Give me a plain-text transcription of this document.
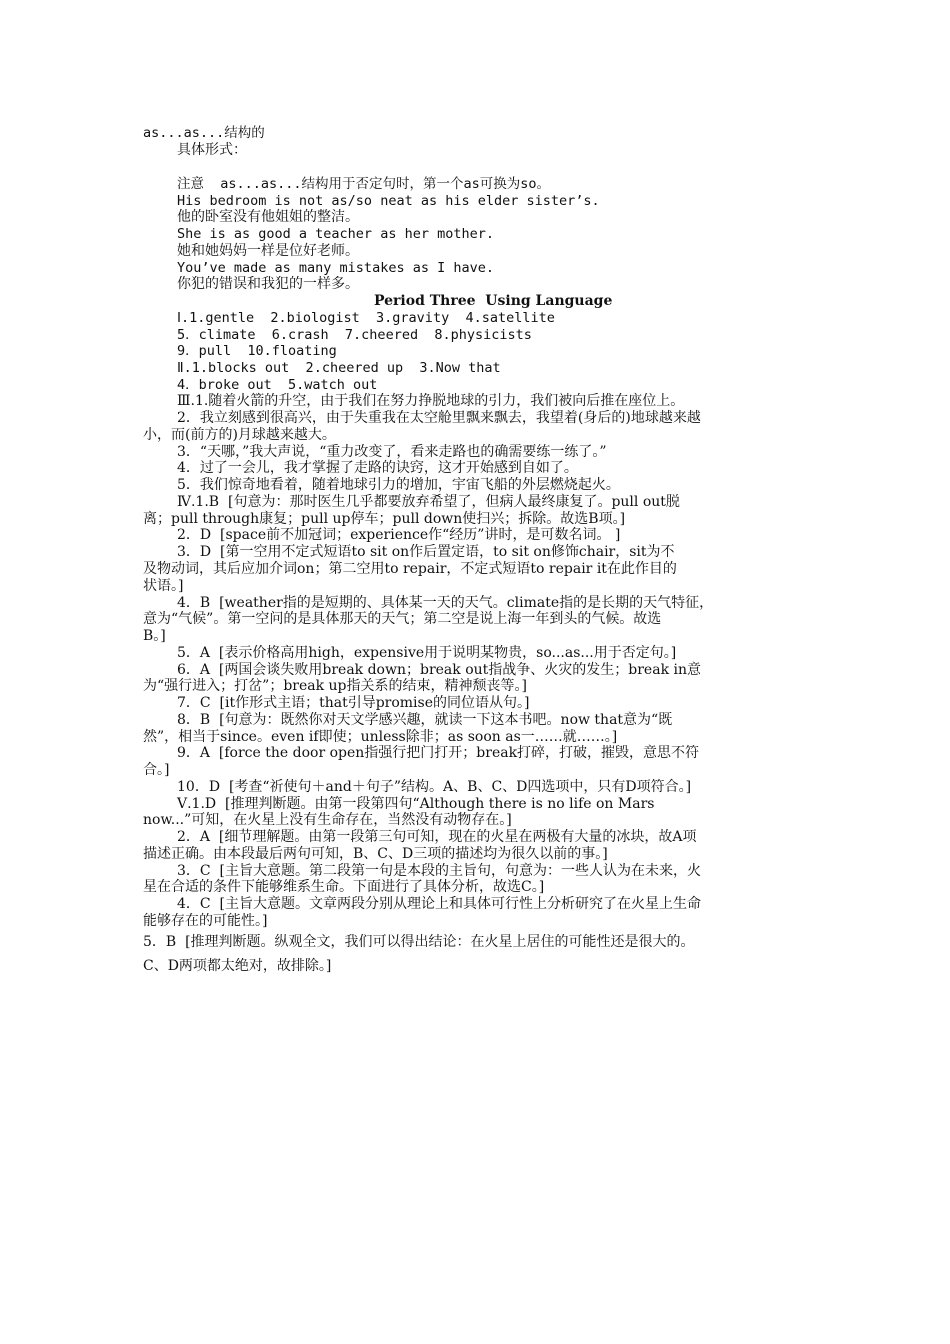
as...as...结构的
具体形式：
注意  as...as...结构用于否定句时，第一个as可换为so。
His bedroom is not as/so neat as his elder sister’s.
他的卧室没有他姐姐的整洁。
She is as good a teacher as her mother.
她和她妈妈一样是位好老师。
You’ve made as many mistakes as I have.
你犯的错误和我犯的一样多。
Period Three  Using Language
Ⅰ.1.gentle  2.biologist  3.gravity  4.satellite
5．climate  6.crash  7.cheered  8.physicists
9．pull  10.floating
Ⅱ.1.blocks out  2.cheered up  3.Now that
4．broke out  5.watch out
Ⅲ.1.随着火箭的升空，由于我们在努力挣脱地球的引力，我们被向后推在座位上。
2．我立刻感到很高兴，由于失重我在太空舱里飘来飘去，我望着(身后的)地球越来越
小，而(前方的)月球越来越大。
3．“天哪，”我大声说，“重力改变了，看来走路也的确需要练一练了。”
4．过了一会儿，我才掌握了走路的诀窍，这才开始感到自如了。
5．我们惊奇地看着，随着地球引力的增加，宇宙飞船的外层燃烧起火。
Ⅳ.1.B  [句意为：那时医生几乎都要放弃希望了，但病人最终康复了。pull out脱
离；pull through康复；pull up停车；pull down使扫兴；拆除。故选B项。]
2．D  [space前不加冠词；experience作“经历”讲时，是可数名词。 ]
3．D  [第一空用不定式短语to sit on作后置定语，to sit on修饰chair，sit为不
及物动词，其后应加介词on；第二空用to repair，不定式短语to repair it在此作目的
状语。]
4．B  [weather指的是短期的、具体某一天的天气。climate指的是长期的天气特征，
意为“气候”。第一空问的是具体那天的天气；第二空是说上海一年到头的气候。故选
B。]
5．A  [表示价格高用high，expensive用于说明某物贵，so...as...用于否定句。]
6．A  [两国会谈失败用break down；break out指战争、火灾的发生；break in意
为“强行进入；打岔”；break up指关系的结束，精神颓丧等。]
7．C  [it作形式主语；that引导promise的同位语从句。]
8．B  [句意为：既然你对天文学感兴趣，就读一下这本书吧。now that意为“既
然”，相当于since。even if即使；unless除非；as soon as一……就……。]
9．A  [force the door open指强行把门打开；break打碎，打破，摧毁，意思不符
合。]
10．D  [考查“祈使句＋and＋句子”结构。A、B、C、D四选项中，只有D项符合。]
Ⅴ.1.D  [推理判断题。由第一段第四句“Although there is no life on Mars
now...”可知，在火星上没有生命存在，当然没有动物存在。]
2．A  [细节理解题。由第一段第三句可知，现在的火星在两极有大量的冰块，故A项
描述正确。由本段最后两句可知，B、C、D三项的描述均为很久以前的事。]
3．C  [主旨大意题。第二段第一句是本段的主旨句，句意为：一些人认为在未来，火
星在合适的条件下能够维系生命。下面进行了具体分析，故选C。]
4．C  [主旨大意题。文章两段分别从理论上和具体可行性上分析研究了在火星上生命
能够存在的可能性。]
5．B  [推理判断题。纵观全文，我们可以得出结论：在火星上居住的可能性还是很大的。
C、D两项都太绝对，故排除。]
